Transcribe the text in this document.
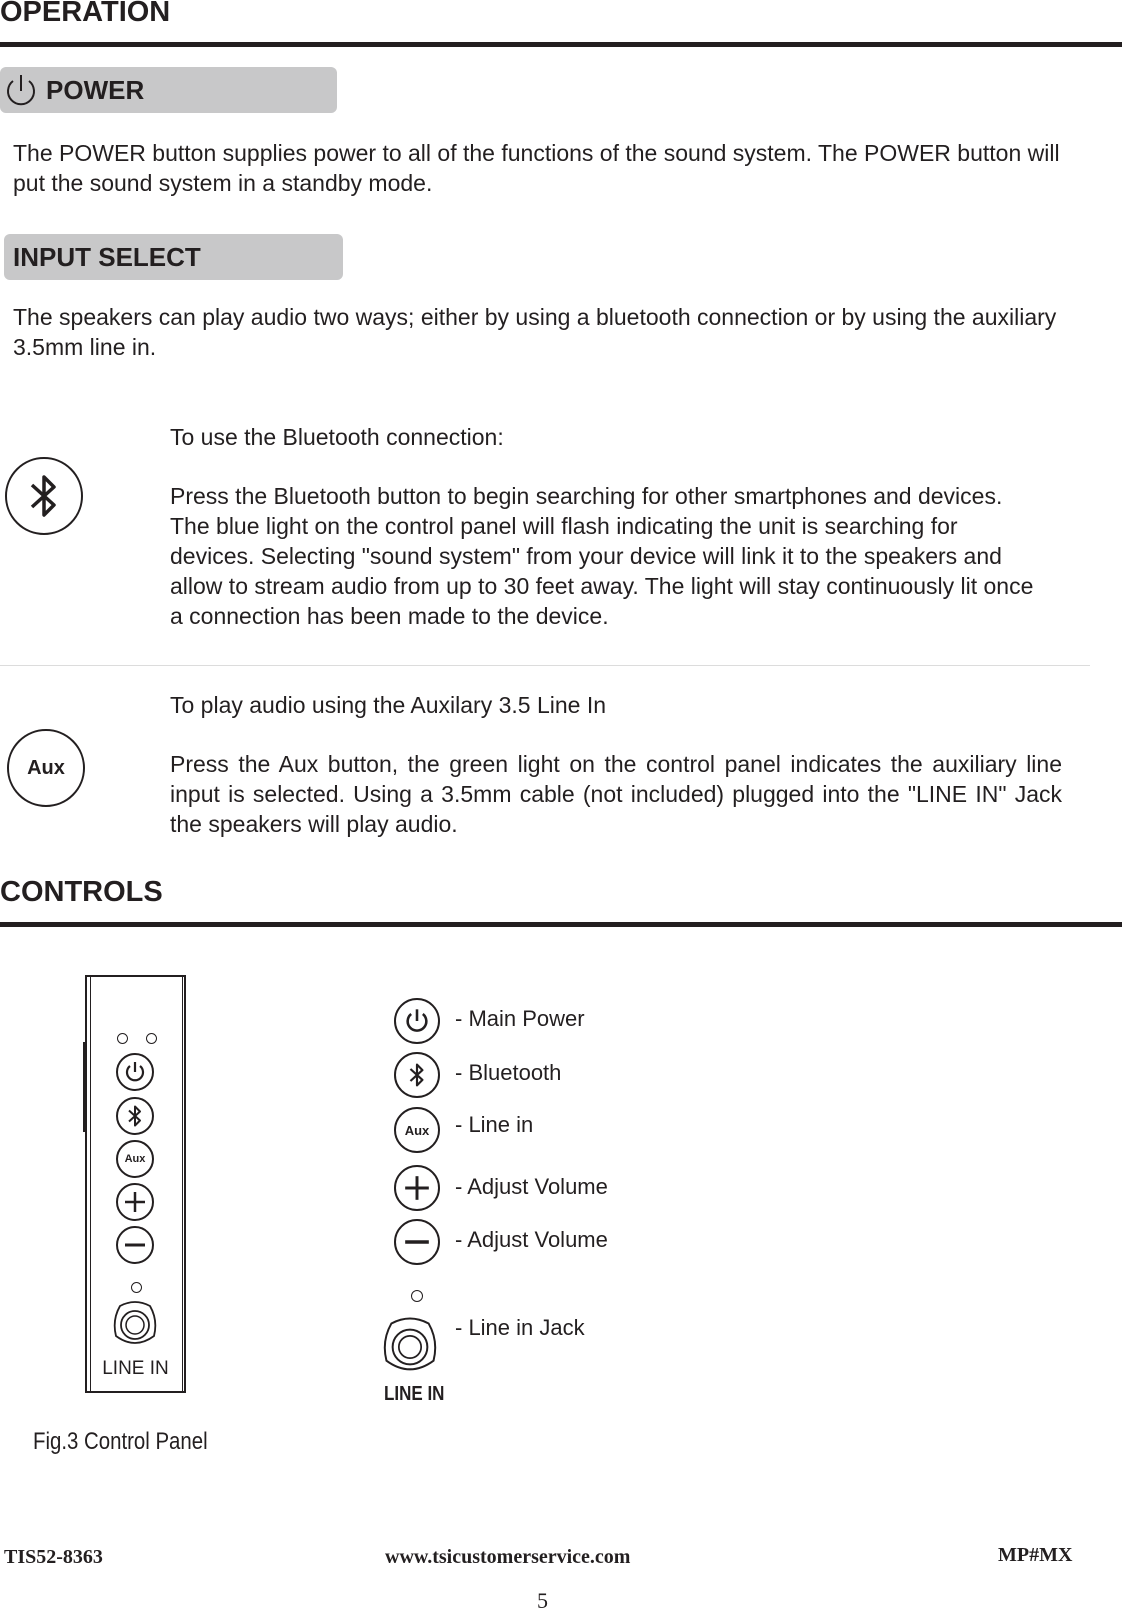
OPERATION
POWER
The POWER button supplies power to all of the functions of the sound system. The POWER button will put the sound system in a standby mode.
INPUT SELECT
The speakers can play audio two ways; either by using a bluetooth connection or by using the auxiliary 3.5mm line in.
To use the Bluetooth connection:
Press the Bluetooth button to begin searching for other smartphones and devices. The blue light on the control panel will flash indicating the unit is searching for devices. Selecting "sound system" from your device will link it to the speakers and allow to stream audio from up to 30 feet away. The light will stay continuously lit once a connection has been made to the device.
Aux
To play audio using the Auxilary 3.5 Line In
Press the Aux button, the green light on the control panel indicates the auxiliary line input is selected. Using a 3.5mm cable (not included) plugged into the "LINE IN" Jack the speakers will play audio.
CONTROLS
Aux
LINE IN
Fig.3 Control Panel
- Main Power
- Bluetooth
Aux - Line in
- Adjust Volume
- Adjust Volume
LINE IN
- Line in Jack
TIS52-8363	www.tsicustomerservice.com	MP#MX
5
